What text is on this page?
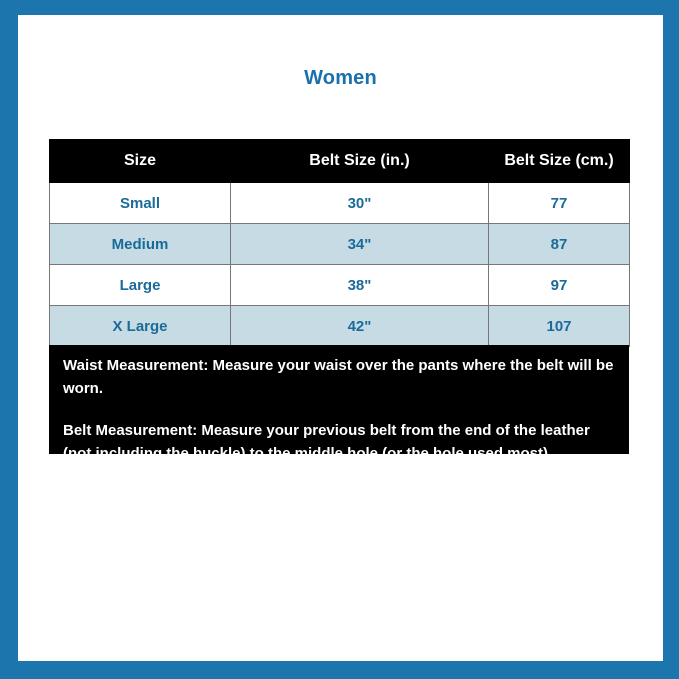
Women
Size	Belt Size (in.)	Belt Size (cm.)
Small	30"	77
Medium	34"	87
Large	38"	97
X Large	42"	107

Waist Measurement: Measure your waist over the pants where the belt will be worn.

Belt Measurement: Measure your previous belt from the end of the leather (not including the buckle) to the middle hole (or the hole used most).
